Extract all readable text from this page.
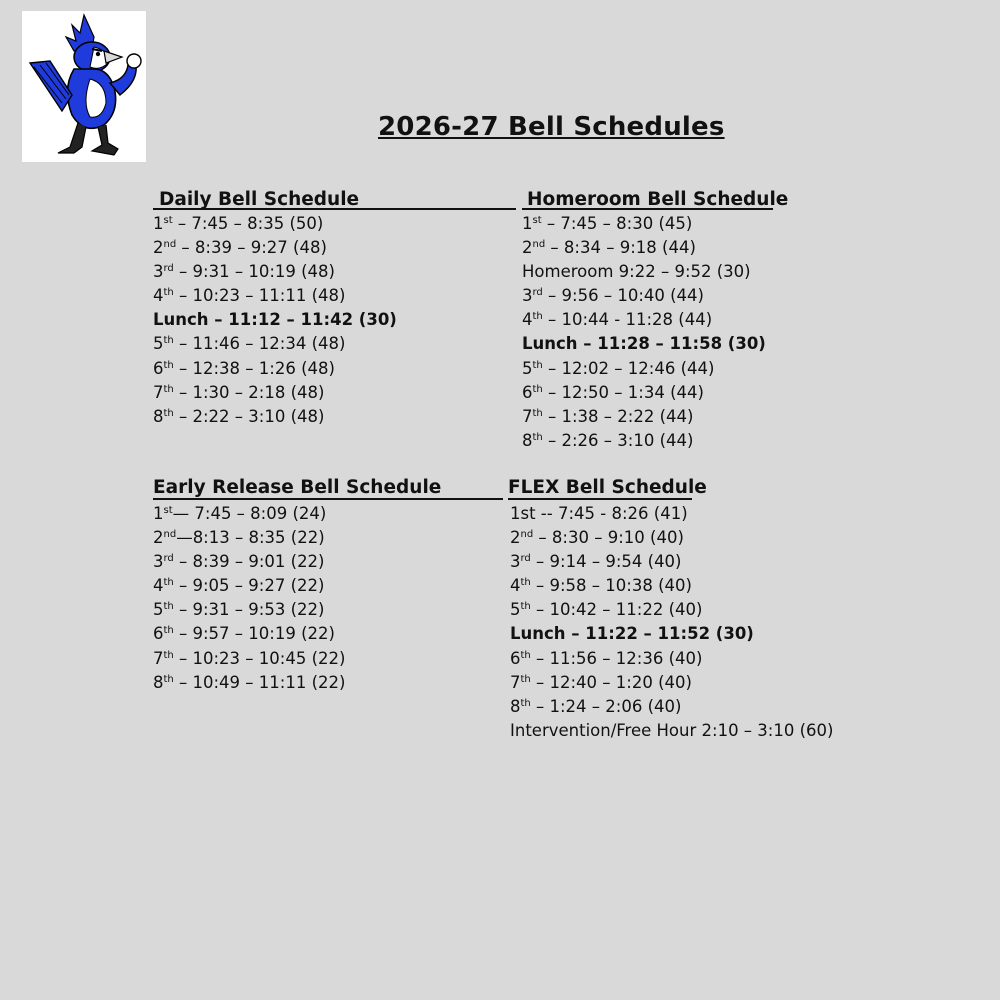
2026-27 Bell Schedules
Daily Bell Schedule
1st – 7:45 – 8:35 (50)
2nd – 8:39 – 9:27 (48)
3rd – 9:31 – 10:19 (48)
4th – 10:23 – 11:11 (48)
Lunch – 11:12 – 11:42 (30)
5th – 11:46 – 12:34 (48)
6th – 12:38 – 1:26 (48)
7th – 1:30 – 2:18 (48)
8th – 2:22 – 3:10 (48)
Homeroom Bell Schedule
1st – 7:45 – 8:30 (45)
2nd – 8:34 – 9:18 (44)
Homeroom 9:22 – 9:52 (30)
3rd – 9:56 – 10:40 (44)
4th – 10:44 - 11:28 (44)
Lunch – 11:28 – 11:58 (30)
5th – 12:02 – 12:46 (44)
6th – 12:50 – 1:34 (44)
7th – 1:38 – 2:22 (44)
8th – 2:26 – 3:10 (44)
Early Release Bell Schedule
1st— 7:45 – 8:09 (24)
2nd—8:13 – 8:35 (22)
3rd – 8:39 – 9:01 (22)
4th – 9:05 – 9:27 (22)
5th – 9:31 – 9:53 (22)
6th – 9:57 – 10:19 (22)
7th – 10:23 – 10:45 (22)
8th – 10:49 – 11:11 (22)
FLEX Bell Schedule
1st -- 7:45 - 8:26 (41)
2nd – 8:30 – 9:10 (40)
3rd – 9:14 – 9:54 (40)
4th – 9:58 – 10:38 (40)
5th – 10:42 – 11:22 (40)
Lunch – 11:22 – 11:52 (30)
6th – 11:56 – 12:36 (40)
7th – 12:40 – 1:20 (40)
8th – 1:24 – 2:06 (40)
Intervention/Free Hour 2:10 – 3:10 (60)
